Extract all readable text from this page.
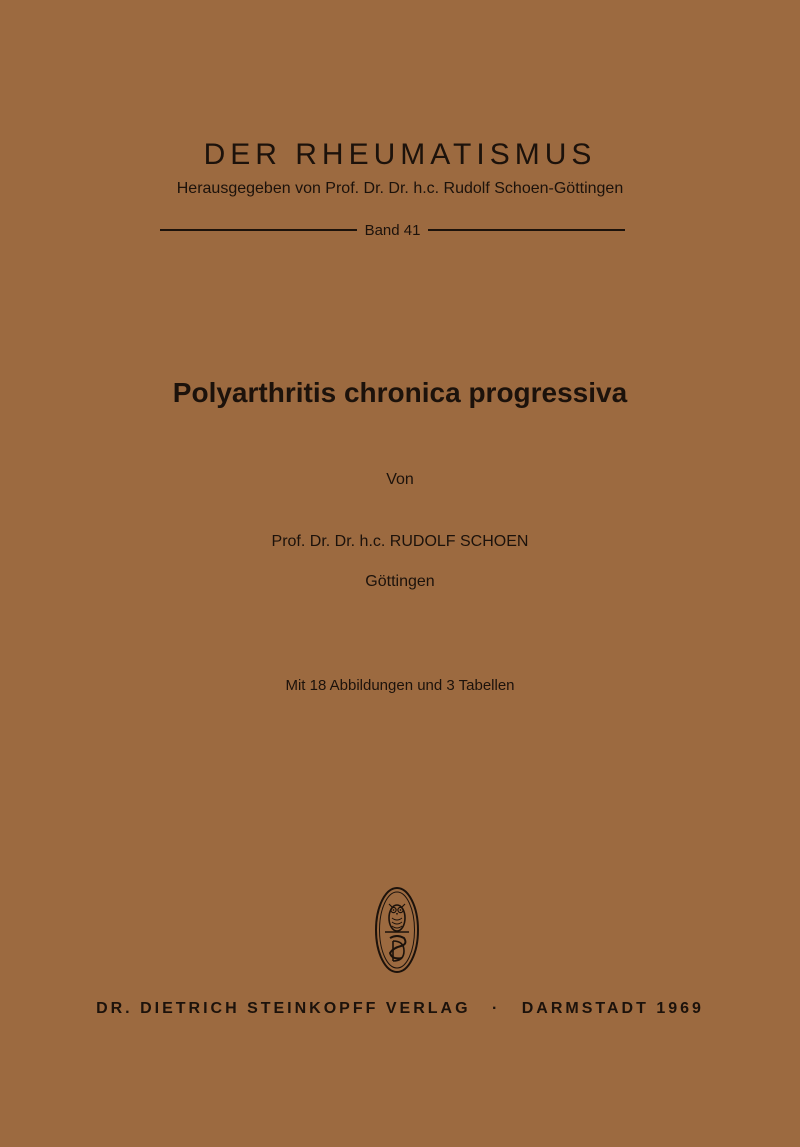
DER RHEUMATISMUS
Herausgegeben von Prof. Dr. Dr. h.c. Rudolf Schoen-Göttingen
Band 41
Polyarthritis chronica progressiva
Von
Prof. Dr. Dr. h.c. RUDOLF SCHOEN
Göttingen
Mit 18 Abbildungen und 3 Tabellen
DR. DIETRICH STEINKOPFF VERLAG · DARMSTADT 1969
